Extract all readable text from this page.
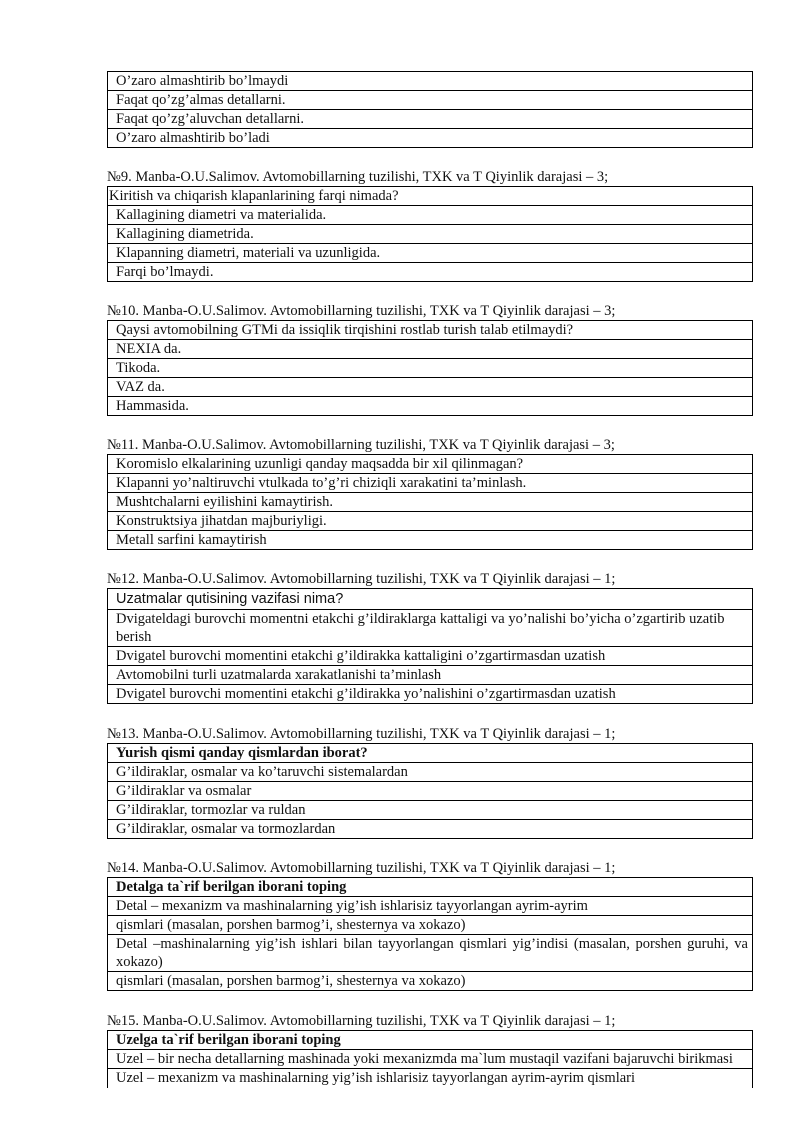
O’zaro almashtirib bo’lmaydi
Faqat qo’zg’almas detallarni.
Faqat qo’zg’aluvchan detallarni.
O’zaro almashtirib bo’ladi
№9. Manba-O.U.Salimov. Avtomobillarning tuzilishi, TXK va T Qiyinlik darajasi – 3;
Kiritish va chiqarish klapanlarining farqi nimada?
Kallagining diametri va materialida.
Kallagining diametrida.
Klapanning diametri, materiali va uzunligida.
Farqi bo’lmaydi.
№10. Manba-O.U.Salimov. Avtomobillarning tuzilishi, TXK va T Qiyinlik darajasi – 3;
Qaysi avtomobilning GTMi da issiqlik tirqishini rostlab turish talab etilmaydi?
NEXIA da.
Tikoda.
VAZ da.
Hammasida.
№11. Manba-O.U.Salimov. Avtomobillarning tuzilishi, TXK va T Qiyinlik darajasi – 3;
Koromislo elkalarining uzunligi qanday maqsadda bir xil qilinmagan?
Klapanni yo’naltiruvchi vtulkada to’g’ri chiziqli xarakatini ta’minlash.
Mushtchalarni eyilishini kamaytirish.
Konstruktsiya jihatdan majburiyligi.
Metall sarfini kamaytirish
№12. Manba-O.U.Salimov. Avtomobillarning tuzilishi, TXK va T Qiyinlik darajasi – 1;
Uzatmalar qutisining vazifasi nima?
Dvigateldagi burovchi momentni etakchi g’ildiraklarga kattaligi va yo’nalishi bo’yicha o’zgartirib uzatib berish
Dvigatel burovchi momentini etakchi g’ildirakka kattaligini o’zgartirmasdan uzatish
Avtomobilni turli uzatmalarda xarakatlanishi ta’minlash
Dvigatel burovchi momentini etakchi g’ildirakka yo’nalishini o’zgartirmasdan uzatish
№13. Manba-O.U.Salimov. Avtomobillarning tuzilishi, TXK va T Qiyinlik darajasi – 1;
Yurish qismi qanday qismlardan iborat?
G’ildiraklar, osmalar va ko’taruvchi sistemalardan
G’ildiraklar va osmalar
G’ildiraklar, tormozlar va ruldan
G’ildiraklar, osmalar va tormozlardan
№14. Manba-O.U.Salimov. Avtomobillarning tuzilishi, TXK va T Qiyinlik darajasi – 1;
Detalga ta`rif berilgan iborani toping
Detal – mexanizm va mashinalarning yig’ish ishlarisiz tayyorlangan ayrim-ayrim
qismlari (masalan, porshen barmog’i, shesternya va xokazo)
Detal –mashinalarning yig’ish ishlari bilan tayyorlangan qismlari yig’indisi (masalan, porshen guruhi, va xokazo)
qismlari (masalan, porshen barmog’i, shesternya va xokazo)
№15. Manba-O.U.Salimov. Avtomobillarning tuzilishi, TXK va T Qiyinlik darajasi – 1;
Uzelga ta`rif berilgan iborani toping
Uzel – bir necha detallarning mashinada yoki mexanizmda ma`lum mustaqil vazifani bajaruvchi birikmasi
Uzel – mexanizm va mashinalarning yig’ish ishlarisiz tayyorlangan ayrim-ayrim qismlari
